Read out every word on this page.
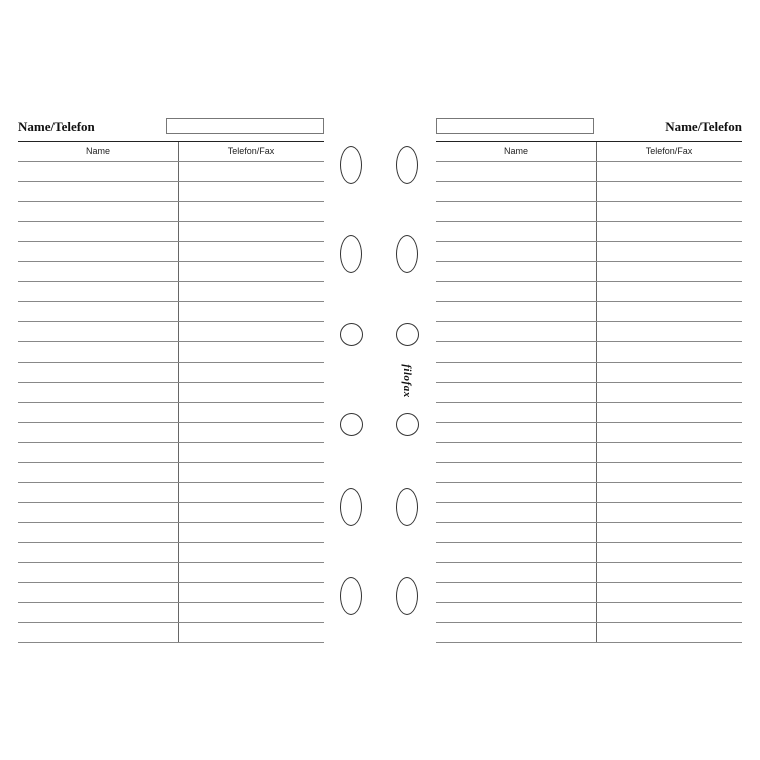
Name/Telefon
Name	Telefon/Fax
Name/Telefon
Name	Telefon/Fax
filofax
